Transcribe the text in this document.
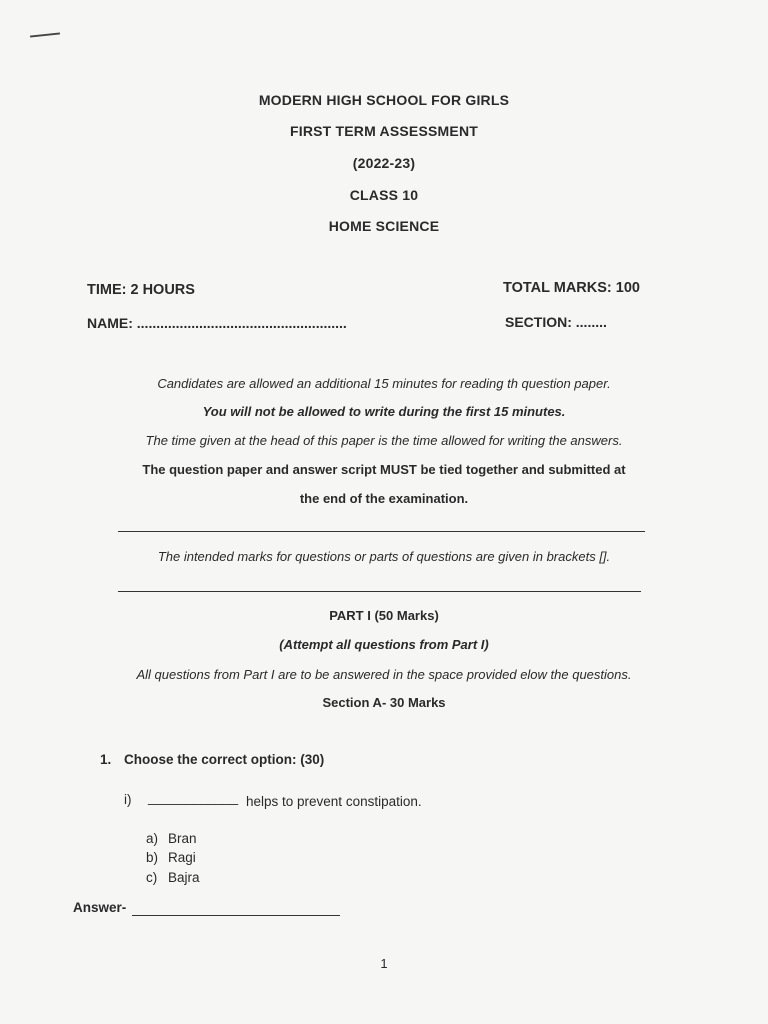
MODERN HIGH SCHOOL FOR GIRLS
FIRST TERM ASSESSMENT
(2022-23)
CLASS 10
HOME SCIENCE
TIME: 2 HOURS	TOTAL MARKS: 100
NAME: ......................................................	SECTION: ........
Candidates are allowed an additional 15 minutes for reading th question paper.
You will not be allowed to write during the first 15 minutes.
The time given at the head of this paper is the time allowed for writing the answers.
The question paper and answer script MUST be tied together and submitted at
the end of the examination.
The intended marks for questions or parts of questions are given in brackets [].
PART I (50 Marks)
(Attempt all questions from Part I)
All questions from Part I are to be answered in the space provided elow the questions.
Section A- 30 Marks
1. Choose the correct option: (30)
i) ____________ helps to prevent constipation.
a) Bran
b) Ragi
c) Bajra
Answer-
1
